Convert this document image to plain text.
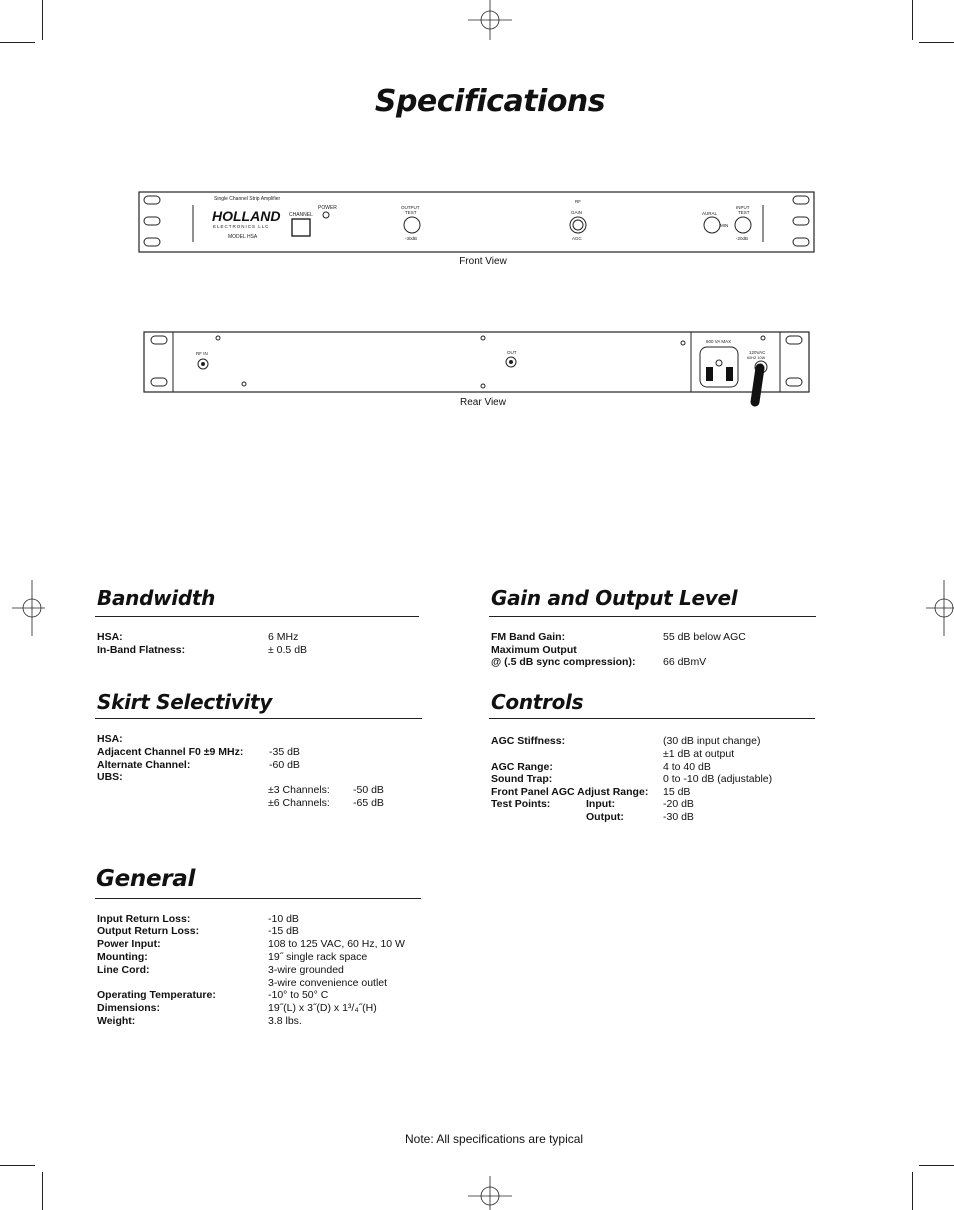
Specifications
Single Channel Strip Amplifier
HOLLAND
ELECTRONICS LLC
MODEL HSA
CHANNEL
POWER	OUTPUT
TEST
-30dB
RF
GAIN
AGC
AURAL
MIN
INPUT
TEST
-20dB
Front View
RF IN	OUT
600 VA MAX
120VAC
60HZ 10W
Rear View
Bandwidth
HSA:	6 MHz
In-Band Flatness:	± 0.5 dB
Gain and Output Level
FM Band Gain:	55 dB below AGC
Maximum Output
@ (.5 dB sync compression):	66 dBmV
Skirt Selectivity
HSA:
Adjacent Channel F0 ±9 MHz: -35 dB
Alternate Channel:	-60 dB
UBS:
±3 Channels: -50 dB
±6 Channels: -65 dB
Controls
AGC Stiffness:	(30 dB input change)
±1 dB at output
AGC Range:	4 to 40 dB
Sound Trap:	0 to -10 dB (adjustable)
Front Panel AGC Adjust Range: 15 dB
Test Points:	Input:	-20 dB
Output:	-30 dB
General
Input Return Loss:	-10 dB
Output Return Loss:	-15 dB
Power Input:	108 to 125 VAC, 60 Hz, 10 W
Mounting:	19˝ single rack space
Line Cord:	3-wire grounded
3-wire convenience outlet
Operating Temperature:	-10° to 50° C
Dimensions:	19˝(L) x 3˝(D) x 1³/₄˝(H)
Weight:	3.8 lbs.
Note: All specifications are typical
